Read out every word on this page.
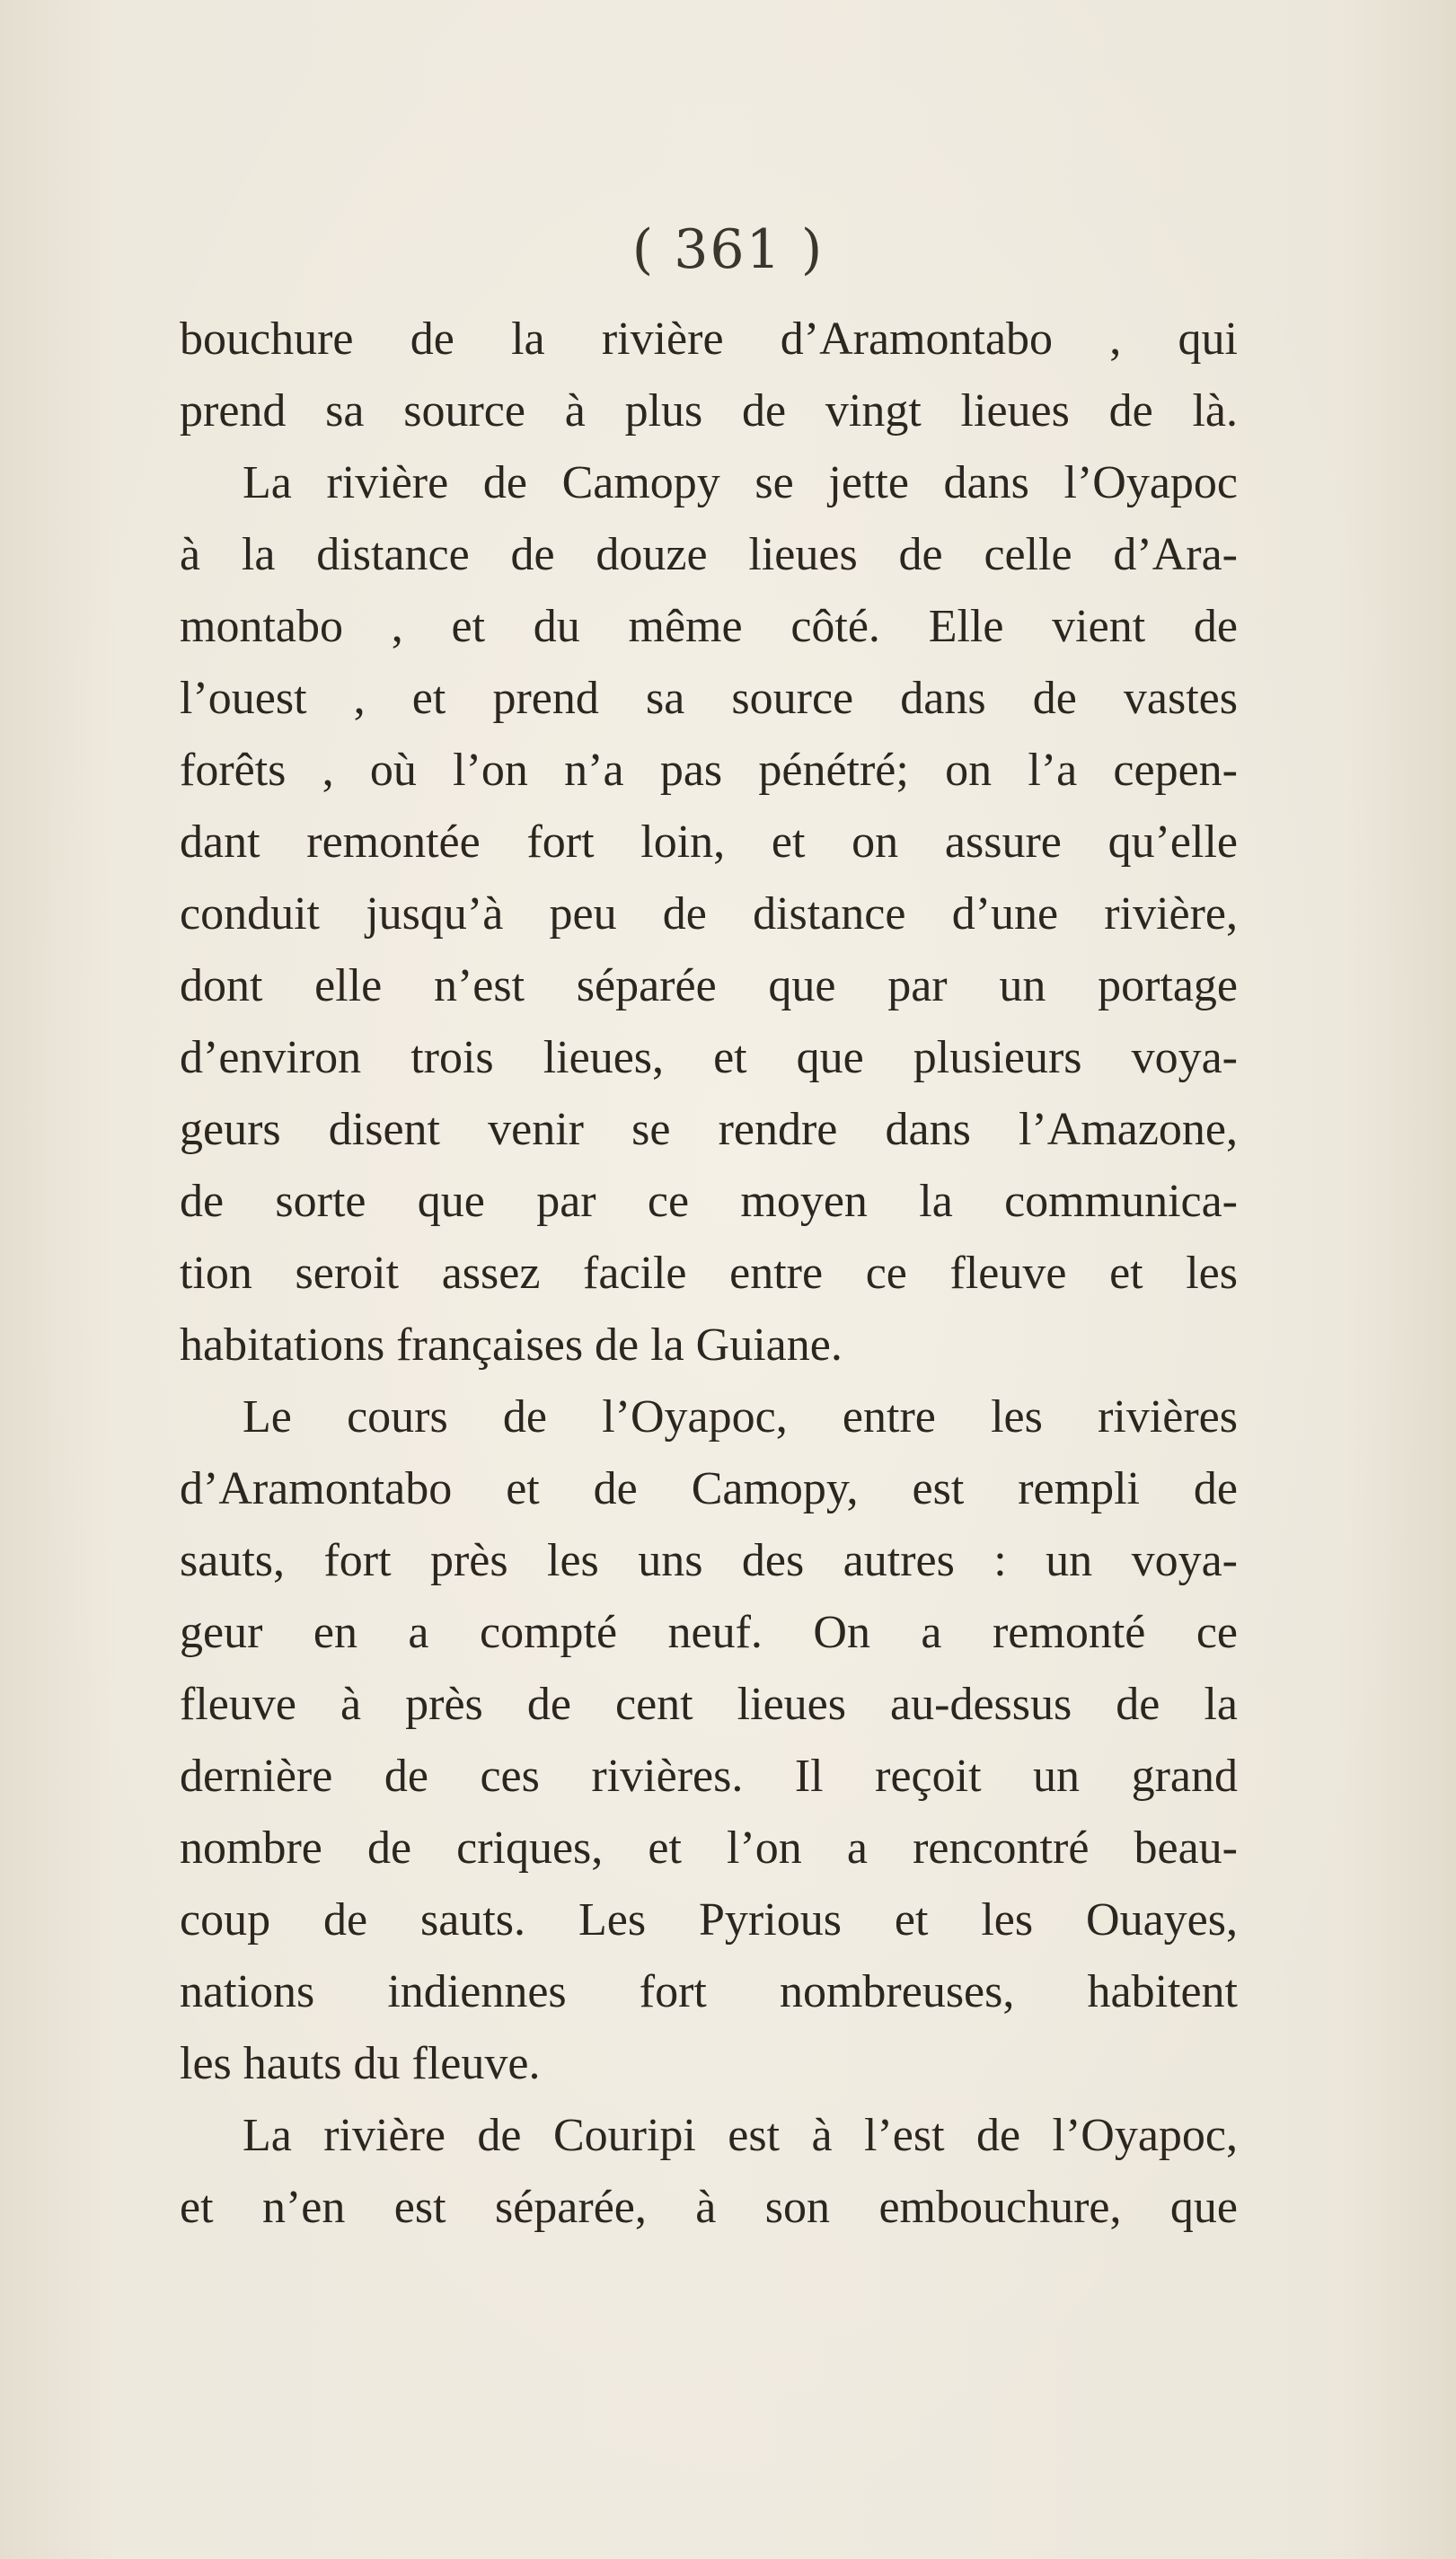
( 361 )
bouchure de la rivière d’Aramontabo , qui
prend sa source à plus de vingt lieues de là.
La rivière de Camopy se jette dans l’Oyapoc
à la distance de douze lieues de celle d’Ara-
montabo , et du même côté. Elle vient de
l’ouest , et prend sa source dans de vastes
forêts , où l’on n’a pas pénétré; on l’a cepen-
dant remontée fort loin, et on assure qu’elle
conduit jusqu’à peu de distance d’une rivière,
dont elle n’est séparée que par un portage
d’environ trois lieues, et que plusieurs voya-
geurs disent venir se rendre dans l’Amazone,
de sorte que par ce moyen la communica-
tion seroit assez facile entre ce fleuve et les
habitations françaises de la Guiane.
Le cours de l’Oyapoc, entre les rivières
d’Aramontabo et de Camopy, est rempli de
sauts, fort près les uns des autres : un voya-
geur en a compté neuf. On a remonté ce
fleuve à près de cent lieues au-dessus de la
dernière de ces rivières. Il reçoit un grand
nombre de criques, et l’on a rencontré beau-
coup de sauts. Les Pyrious et les Ouayes,
nations indiennes fort nombreuses, habitent
les hauts du fleuve.
La rivière de Couripi est à l’est de l’Oyapoc,
et n’en est séparée, à son embouchure, que
